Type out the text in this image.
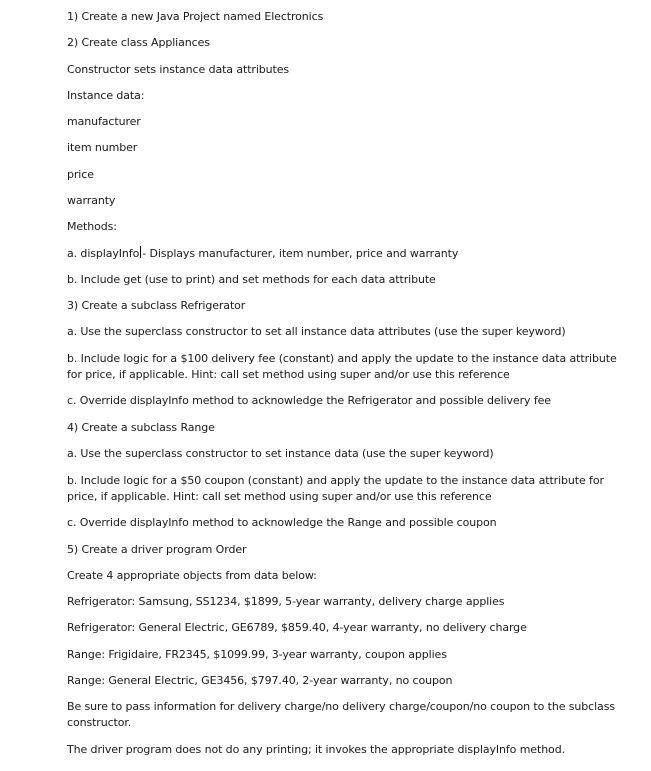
1) Create a new Java Project named Electronics
2) Create class Appliances
Constructor sets instance data attributes
Instance data:
manufacturer
item number
price
warranty
Methods:
a. displayInfo - Displays manufacturer, item number, price and warranty
b. Include get (use to print) and set methods for each data attribute
3) Create a subclass Refrigerator
a. Use the superclass constructor to set all instance data attributes (use the super keyword)
b. Include logic for a $100 delivery fee (constant) and apply the update to the instance data attribute for price, if applicable. Hint: call set method using super and/or use this reference
c. Override displayInfo method to acknowledge the Refrigerator and possible delivery fee
4) Create a subclass Range
a. Use the superclass constructor to set instance data (use the super keyword)
b. Include logic for a $50 coupon (constant) and apply the update to the instance data attribute for price, if applicable. Hint: call set method using super and/or use this reference
c. Override displayInfo method to acknowledge the Range and possible coupon
5) Create a driver program Order
Create 4 appropriate objects from data below:
Refrigerator: Samsung, SS1234, $1899, 5-year warranty, delivery charge applies
Refrigerator: General Electric, GE6789, $859.40, 4-year warranty, no delivery charge
Range: Frigidaire, FR2345, $1099.99, 3-year warranty, coupon applies
Range: General Electric, GE3456, $797.40, 2-year warranty, no coupon
Be sure to pass information for delivery charge/no delivery charge/coupon/no coupon to the subclass constructor.
The driver program does not do any printing; it invokes the appropriate displayInfo method.
